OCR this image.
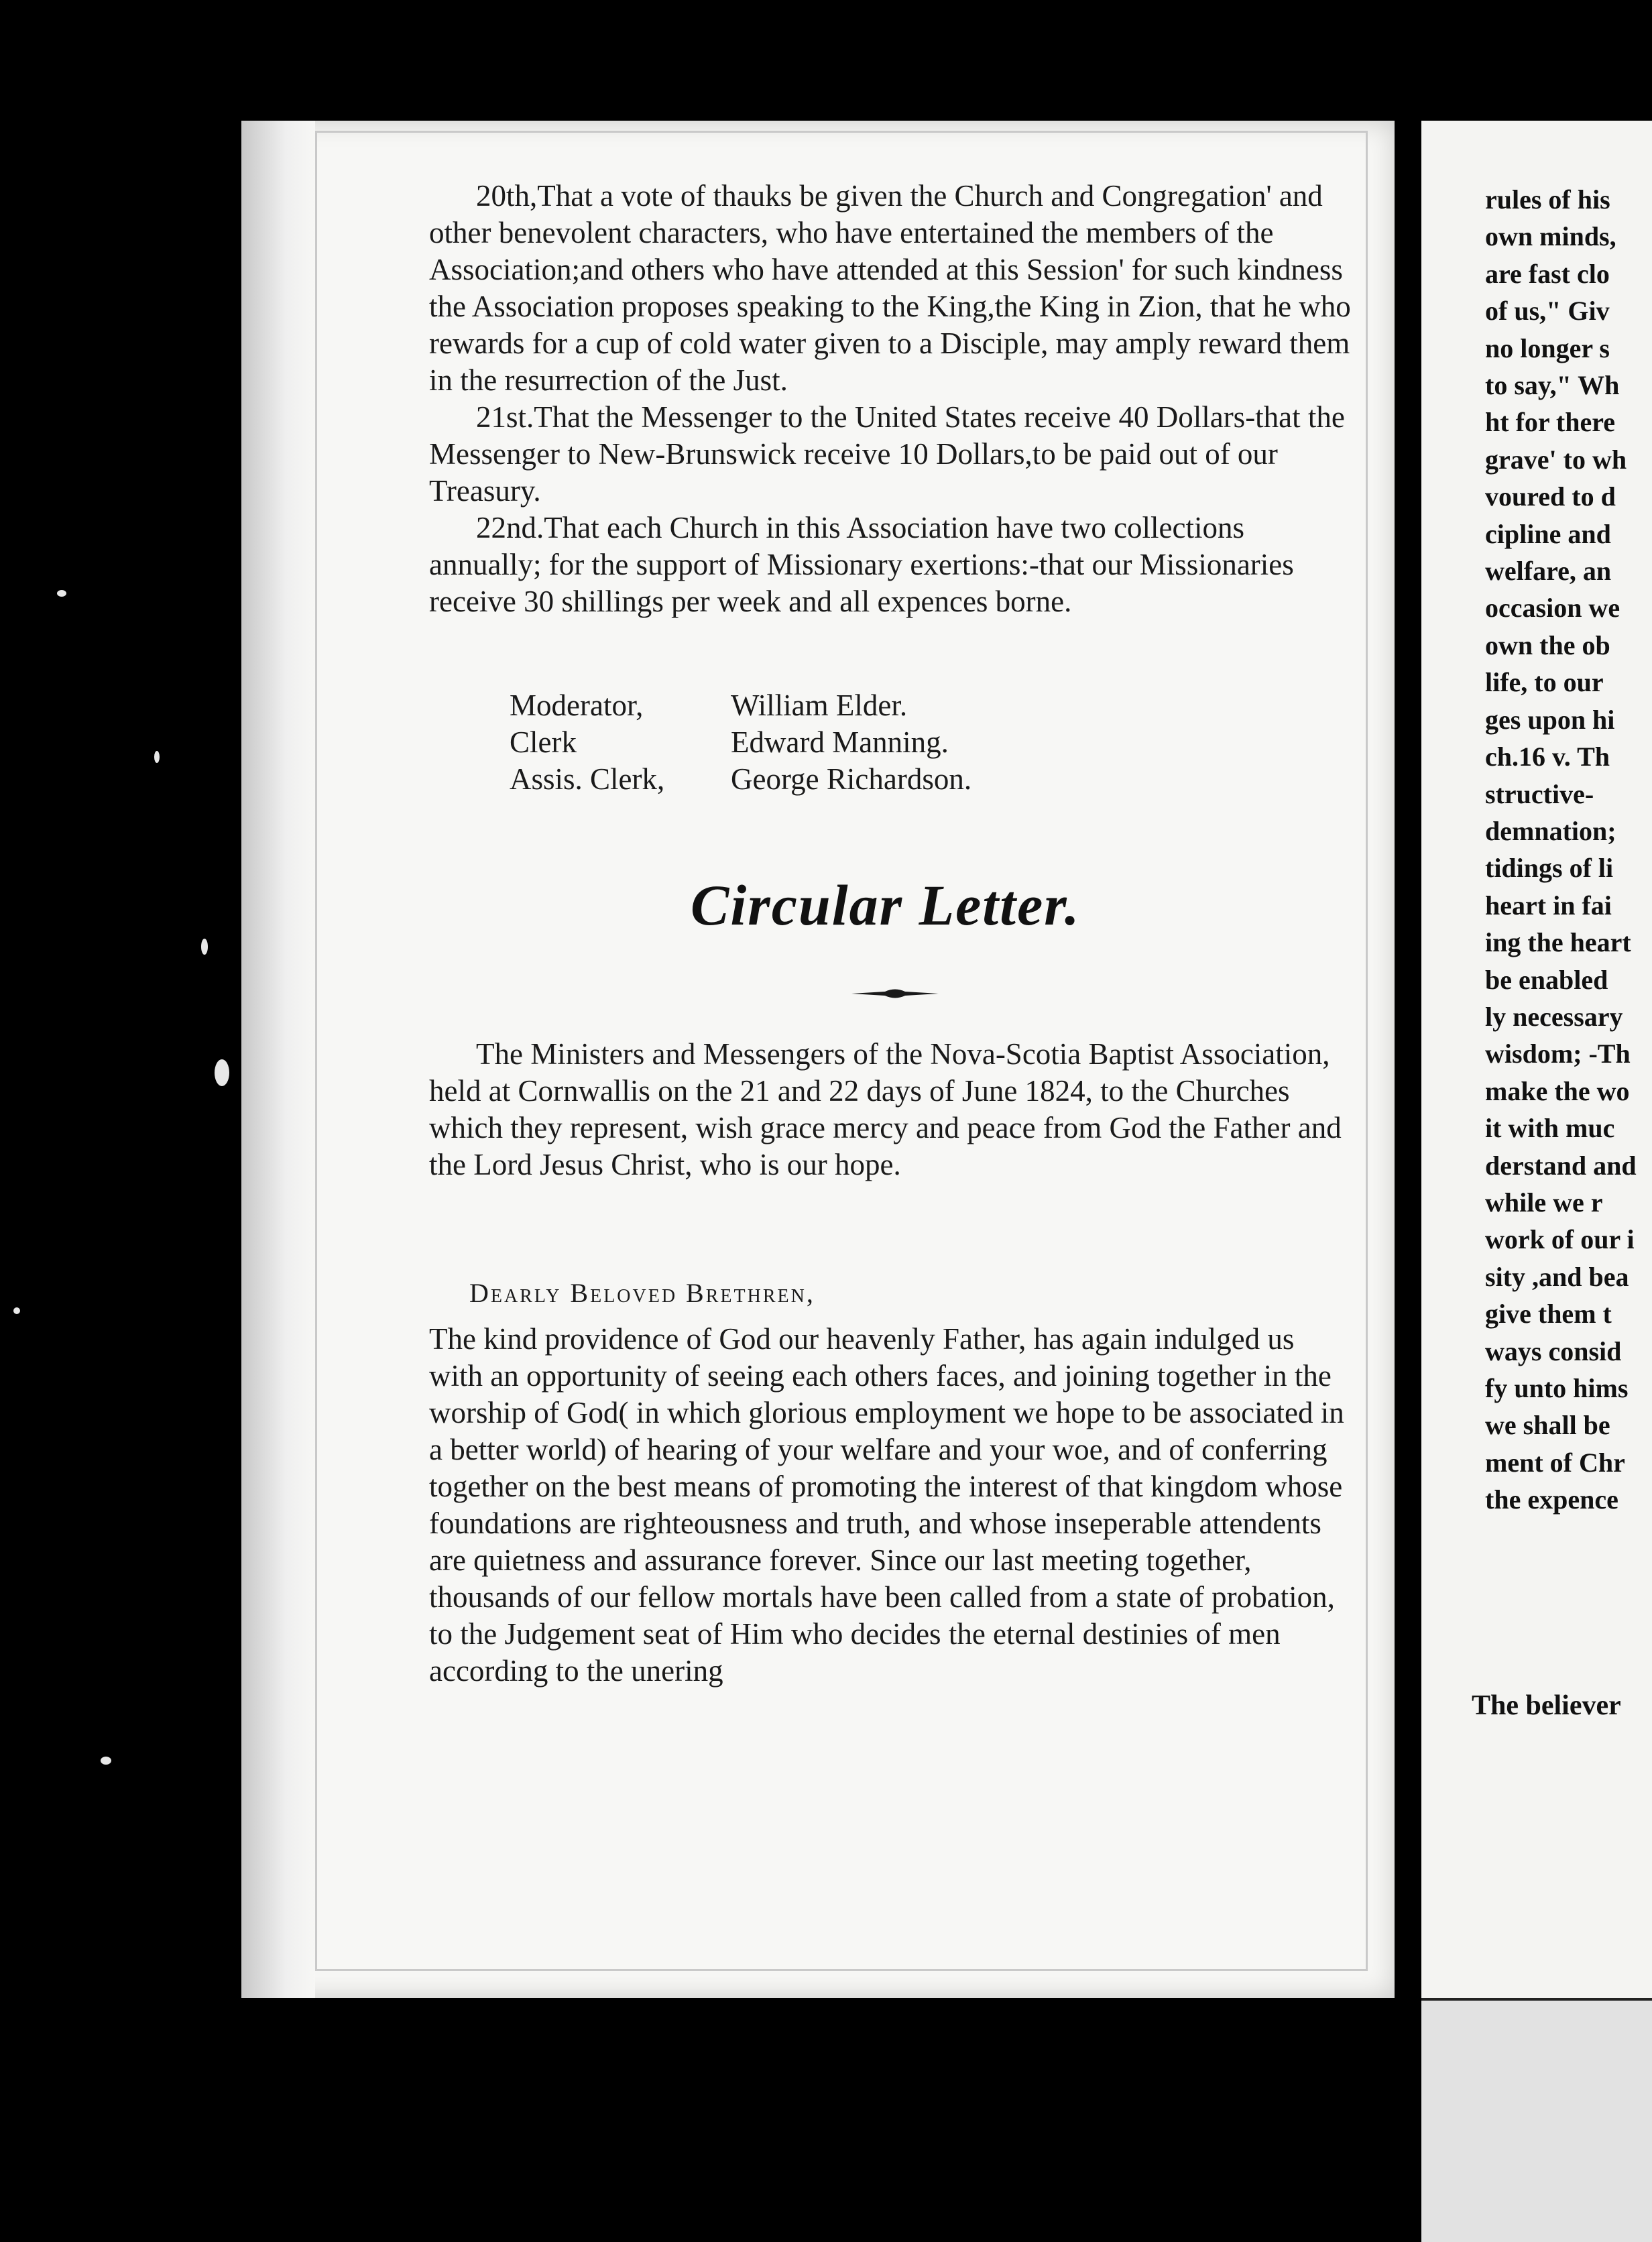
20th,That a vote of thauks be given the Church and Congregation' and other benevolent characters, who have entertained the members of the Association;and others who have attended at this Session' for such kindness the Association proposes speaking to the King,the King in Zion, that he who rewards for a cup of cold water given to a Disciple, may amply reward them in the resurrection of the Just.

21st.That the Messenger to the United States receive 40 Dollars-that the Messenger to New-Brunswick receive 10 Dollars,to be paid out of our Treasury.

22nd.That each Church in this Association have two collections annually; for the support of Missionary exertions:-that our Missionaries receive 30 shillings per week and all expences borne.

Moderator,	William Elder.
Clerk	Edward Manning.
Assis. Clerk,	George Richardson.
Circular Letter.

The Ministers and Messengers of the Nova-Scotia Baptist Association, held at Cornwallis on the 21 and 22 days of June 1824, to the Churches which they represent, wish grace mercy and peace from God the Father and the Lord Jesus Christ, who is our hope.

Dearly Beloved Brethren,

The kind providence of God our heavenly Father, has again indulged us with an opportunity of seeing each others faces, and joining together in the worship of God( in which glorious employment we hope to be associated in a better world) of hearing of your welfare and your woe, and of conferring together on the best means of promoting the interest of that kingdom whose foundations are righteousness and truth, and whose inseperable attendents are quietness and assurance forever. Since our last meeting together, thousands of our fellow mortals have been called from a state of probation, to the Judgement seat of Him who decides the eternal destinies of men according to the unering

rules of his
own minds,
are fast clo
of us," Giv
no longer s
to say," Wh
ht for there
grave' to wh
voured to d
cipline and
welfare, an
occasion we
own the ob
life, to our
ges upon hi
ch.16 v. Th
structive-
demnation;
tidings of li
heart in fai
ing the heart
be enabled
ly necessary
wisdom; -Th
make the wo
it with muc
derstand and
while we r
work of our i
sity ,and bea
give them t
ways consid
fy unto hims
we shall be
ment of Chr
the expence
The believer
